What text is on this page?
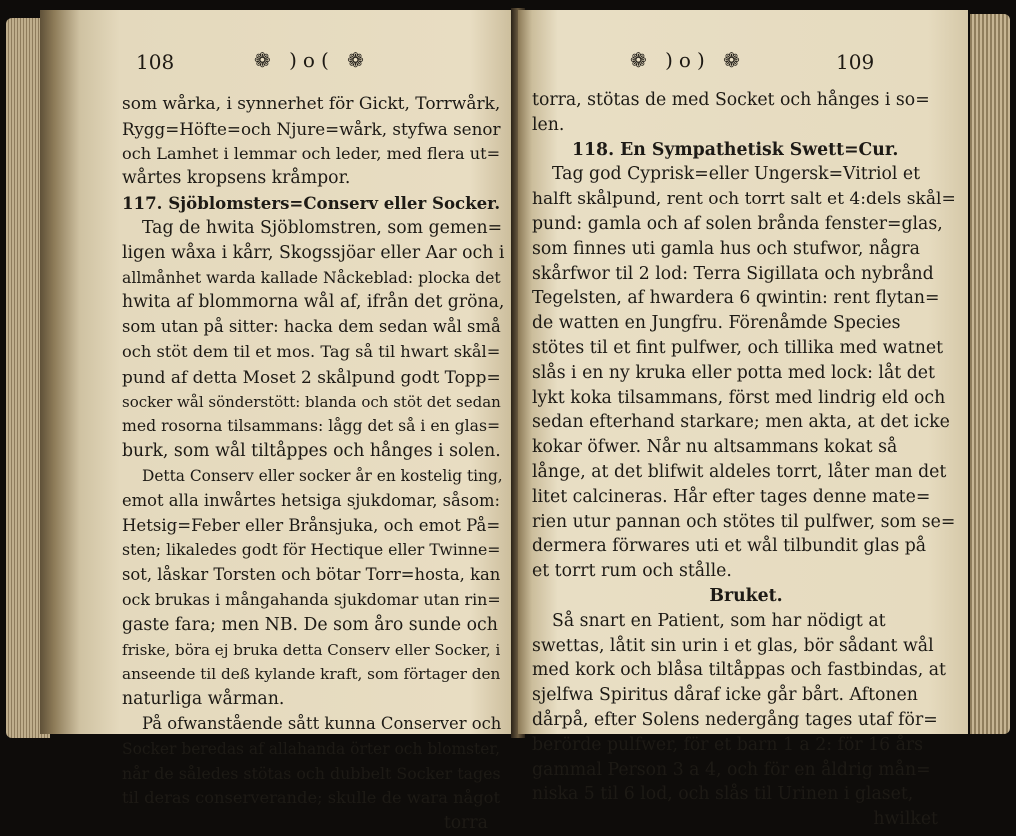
108	❁ )o( ❁
som wårka, i synnerhet för Gickt, Torrwårk,
Rygg=Höfte=och Njure=wårk, styfwa senor
och Lamhet i lemmar och leder, med flera ut=
wårtes kropsens kråmpor.
117. Sjöblomsters=Conserv eller Socker.
Tag de hwita Sjöblomstren, som gemen=
ligen wåxa i kårr, Skogssjöar eller Aar och i
allmånhet warda kallade Nåckeblad: plocka det
hwita af blommorna wål af, ifrån det gröna,
som utan på sitter: hacka dem sedan wål små
och stöt dem til et mos. Tag så til hwart skål=
pund af detta Moset 2 skålpund godt Topp=
socker wål sönderstött: blanda och stöt det sedan
med rosorna tilsammans: lågg det så i en glas=
burk, som wål tiltåppes och hånges i solen.
Detta Conserv eller socker år en kostelig ting,
emot alla inwårtes hetsiga sjukdomar, såsom:
Hetsig=Feber eller Brånsjuka, och emot På=
sten; likaledes godt för Hectique eller Twinne=
sot, låskar Torsten och bötar Torr=hosta, kan
ock brukas i mångahanda sjukdomar utan rin=
gaste fara; men NB. De som åro sunde och
friske, böra ej bruka detta Conserv eller Socker, i
anseende til deß kylande kraft, som förtager den
naturliga wårman.
På ofwanstående sått kunna Conserver och
Socker beredas af allahanda örter och blomster,
når de således stötas och dubbelt Socker tages
til deras conserverande; skulle de wara något
torra
❁ )o) ❁	109
torra, stötas de med Socket och hånges i so=
len.
118. En Sympathetisk Swett=Cur.
Tag god Cyprisk=eller Ungersk=Vitriol et
halft skålpund, rent och torrt salt et 4:dels skål=
pund: gamla och af solen brånda fenster=glas,
som finnes uti gamla hus och stufwor, några
skårfwor til 2 lod: Terra Sigillata och nybrånd
Tegelsten, af hwardera 6 qwintin: rent flytan=
de watten en Jungfru. Förenåmde Species
stötes til et fint pulfwer, och tillika med watnet
slås i en ny kruka eller potta med lock: låt det
lykt koka tilsammans, först med lindrig eld och
sedan efterhand starkare; men akta, at det icke
kokar öfwer. Når nu altsammans kokat så
långe, at det blifwit aldeles torrt, låter man det
litet calcineras. Hår efter tages denne mate=
rien utur pannan och stötes til pulfwer, som se=
dermera förwares uti et wål tilbundit glas på
et torrt rum och stålle.
Bruket.
Så snart en Patient, som har nödigt at
swettas, låtit sin urin i et glas, bör sådant wål
med kork och blåsa tiltåppas och fastbindas, at
sjelfwa Spiritus dåraf icke går bårt. Aftonen
dårpå, efter Solens nedergång tages utaf för=
berörde pulfwer, för et barn 1 a 2: för 16 års
gammal Person 3 a 4, och för en åldrig mån=
niska 5 til 6 lod, och slås til Urinen i glaset,
hwilket
